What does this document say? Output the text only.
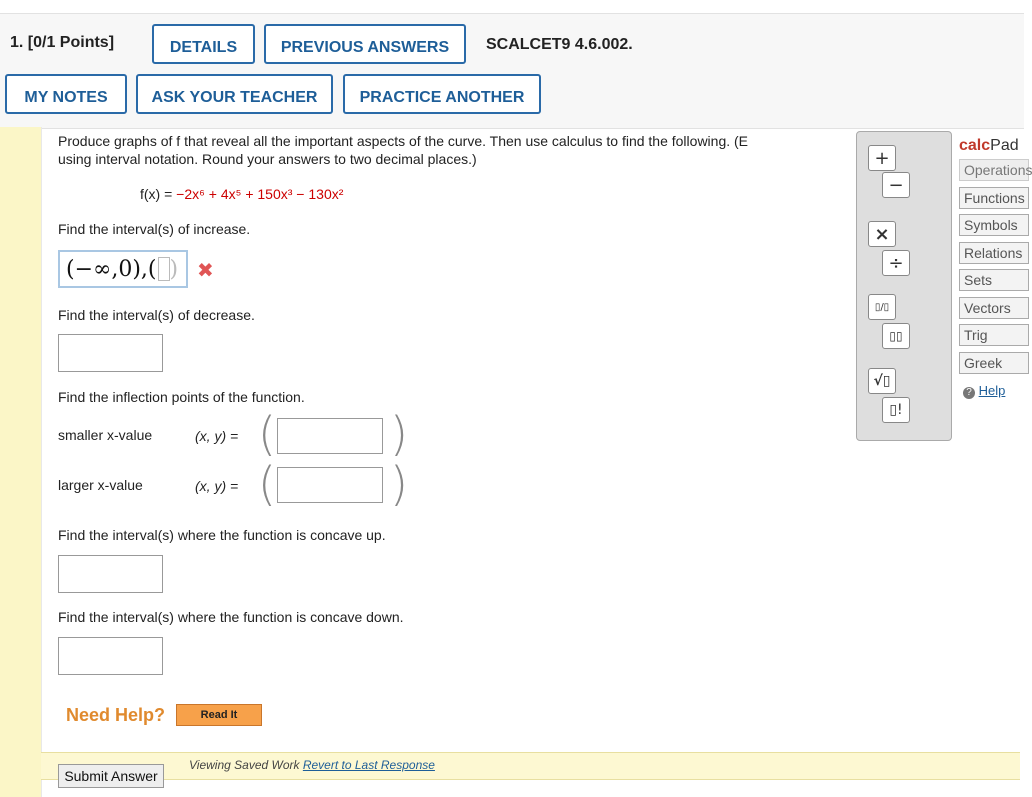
1. [0/1 Points]	DETAILS	PREVIOUS ANSWERS	SCALCET9 4.6.002.
MY NOTES	ASK YOUR TEACHER	PRACTICE ANOTHER
Produce graphs of f that reveal all the important aspects of the curve. Then use calculus to find the following. (E
using interval notation. Round your answers to two decimal places.)
f(x) = −2x⁶ + 4x⁵ + 150x³ − 130x²
Find the interval(s) of increase.
(−∞,0),( ) ✖
Find the interval(s) of decrease.
Find the inflection points of the function.
smaller x-value	(x, y) = ( )
larger x-value	(x, y) = ( )
Find the interval(s) where the function is concave up.
Find the interval(s) where the function is concave down.
Need Help?	Read It
Submit Answer
Viewing Saved Work Revert to Last Response
+
−
×
÷
▯/▯
▯▯
√▯
▯!
calcPad
Operations
Functions
Symbols
Relations
Sets
Vectors
Trig
Greek
? Help
